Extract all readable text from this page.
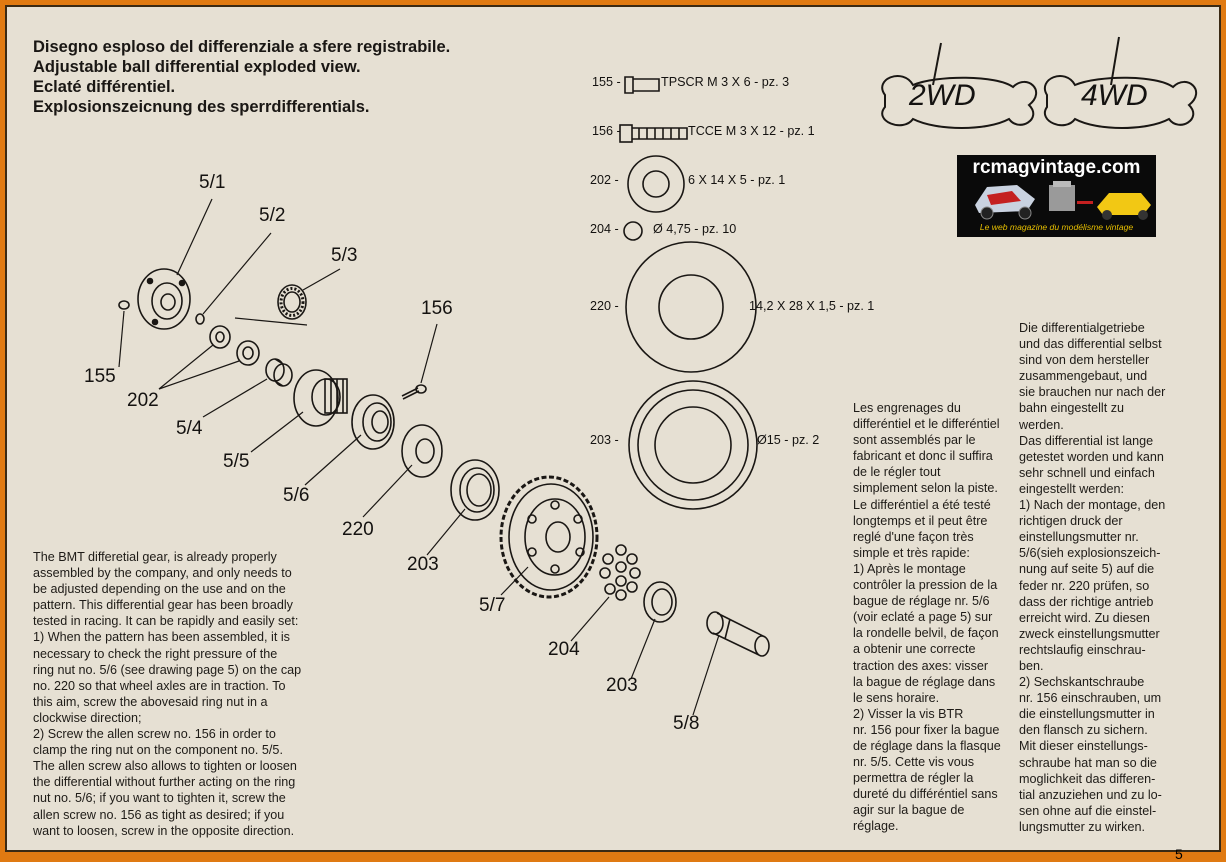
Disegno esploso del differenziale a sfere registrabile.
Adjustable ball differential exploded view.
Eclaté différentiel.
Explosionszeicnung des sperrdifferentials.
155 -	TPSCR M 3 X 6 - pz. 3
156 -	TCCE M 3 X 12 - pz. 1
202 -	6 X 14 X 5 - pz. 1
204 -	Ø 4,75 - pz. 10
220 -	14,2 X 28 X 1,5 - pz. 1
203 -	Ø15 - pz. 2
5/1
5/2
5/3
156
155
202
5/4
5/5
5/6
220
203
5/7
204
203
5/8
2WD	4WD
rcmagvintage.com
Le web magazine du modélisme vintage
The BMT differetial gear, is already properly
assembled by the company, and only needs to
be adjusted depending on the use and on the
pattern. This differential gear has been broadly
tested in racing. It can be rapidly and easily set:
1) When the pattern has been assembled, it is
necessary to check the right pressure of the
ring nut no. 5/6 (see drawing page 5) on the cap
no. 220 so that wheel axles are in traction. To
this aim, screw the abovesaid ring nut in a
clockwise direction;
2) Screw the allen screw no. 156 in order to
clamp the ring nut on the component no. 5/5.
The allen screw also allows to tighten or loosen
the differential without further acting on the ring
nut no. 5/6; if you want to tighten it, screw the
allen screw no. 156 as tight as desired; if you
want to loosen, screw in the opposite direction.
Les engrenages du
differéntiel et le differéntiel
sont assemblés par le
fabricant et donc il suffira
de le régler tout
simplement selon la piste.
Le differéntiel a été testé
longtemps et il peut être
reglé d'une façon très
simple et très rapide:
1) Après le montage
contrôler la pression de la
bague de réglage nr. 5/6
(voir eclaté a page 5) sur
la rondelle belvil, de façon
a obtenir une correcte
traction des axes: visser
la bague de réglage dans
le sens horaire.
2) Visser la vis BTR
nr. 156 pour fixer la bague
de réglage dans la flasque
nr. 5/5. Cette vis vous
permettra de régler la
dureté du différéntiel sans
agir sur la bague de
réglage.
Die differentialgetriebe
und das differential selbst
sind von dem hersteller
zusammengebaut, und
sie brauchen nur nach der
bahn eingestellt zu
werden.
Das differential ist lange
getestet worden und kann
sehr schnell und einfach
eingestellt werden:
1) Nach der montage, den
richtigen druck der
einstellungsmutter nr.
5/6(sieh explosionszeich-
nung auf seite 5) auf die
feder nr. 220 prüfen, so
dass der richtige antrieb
erreicht wird. Zu diesen
zweck einstellungsmutter
rechtslaufig einschrau-
ben.
2) Sechskantschraube
nr. 156 einschrauben, um
die einstellungsmutter in
den flansch zu sichern.
Mit dieser einstellungs-
schraube hat man so die
moglichkeit das differen-
tial anzuziehen und zu lo-
sen ohne auf die einstel-
lungsmutter zu wirken.
5
